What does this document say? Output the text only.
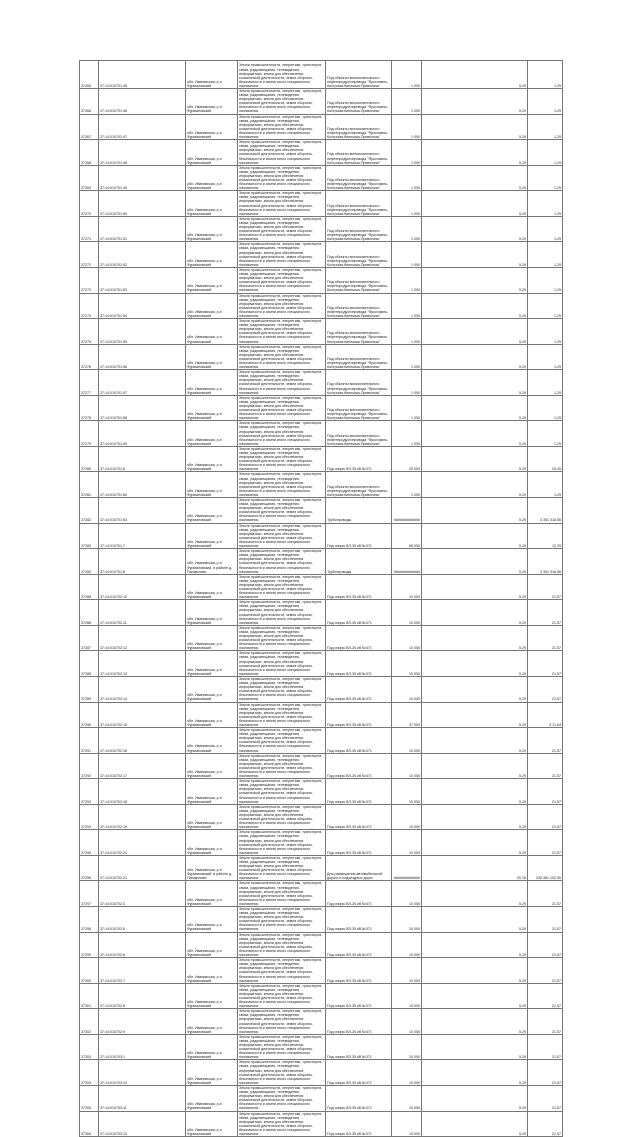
37265	37:14:010701:45	обл. Ивановская, р-н Фурмановский	Земли промышленности, энергетики, транспорта, связи, радиовещания, телевидения, информатики, земли для обеспечения космической деятельности, земли обороны, безопасности и земли иного специального назначения	Под объекты вспомогательного нефтепродуктопровода "Ярославль-Кострома-Кинешма-Приволжск"	1 000	5,29	1,29
37266	37:14:010701:46	обл. Ивановская, р-н Фурмановский	Земли промышленности, энергетики, транспорта, связи, радиовещания, телевидения, информатики, земли для обеспечения космической деятельности, земли обороны, безопасности и земли иного специального назначения	Под объекты вспомогательного нефтепродуктопровода "Ярославль-Кострома-Кинешма-Приволжск"	1 000	5,29	1,29
37267	37:14:010701:47	обл. Ивановская, р-н Фурмановский	Земли промышленности, энергетики, транспорта, связи, радиовещания, телевидения, информатики, земли для обеспечения космической деятельности, земли обороны, безопасности и земли иного специального назначения	Под объекты вспомогательного нефтепродуктопровода "Ярославль-Кострома-Кинешма-Приволжск"	1 000	5,29	1,29
37268	37:14:010701:48	обл. Ивановская, р-н Фурмановский	Земли промышленности, энергетики, транспорта, связи, радиовещания, телевидения, информатики, земли для обеспечения космической деятельности, земли обороны, безопасности и земли иного специального назначения	Под объекты вспомогательного нефтепродуктопровода "Ярославль-Кострома-Кинешма-Приволжск"	1 000	5,29	1,29
37269	37:14:010701:49	обл. Ивановская, р-н Фурмановский	Земли промышленности, энергетики, транспорта, связи, радиовещания, телевидения, информатики, земли для обеспечения космической деятельности, земли обороны, безопасности и земли иного специального назначения	Под объекты вспомогательного нефтепродуктопровода "Ярославль-Кострома-Кинешма-Приволжск"	1 000	5,29	1,29
37270	37:14:010701:50	обл. Ивановская, р-н Фурмановский	Земли промышленности, энергетики, транспорта, связи, радиовещания, телевидения, информатики, земли для обеспечения космической деятельности, земли обороны, безопасности и земли иного специального назначения	Под объекты вспомогательного нефтепродуктопровода "Ярославль-Кострома-Кинешма-Приволжск"	1 000	5,29	1,29
37271	37:14:010701:51	обл. Ивановская, р-н Фурмановский	Земли промышленности, энергетики, транспорта, связи, радиовещания, телевидения, информатики, земли для обеспечения космической деятельности, земли обороны, безопасности и земли иного специального назначения	Под объекты вспомогательного нефтепродуктопровода "Ярославль-Кострома-Кинешма-Приволжск"	1 000	5,29	1,29
37272	37:14:010701:52	обл. Ивановская, р-н Фурмановский	Земли промышленности, энергетики, транспорта, связи, радиовещания, телевидения, информатики, земли для обеспечения космической деятельности, земли обороны, безопасности и земли иного специального назначения	Под объекты вспомогательного нефтепродуктопровода "Ярославль-Кострома-Кинешма-Приволжск"	1 000	5,29	1,29
37273	37:14:010701:53	обл. Ивановская, р-н Фурмановский	Земли промышленности, энергетики, транспорта, связи, радиовещания, телевидения, информатики, земли для обеспечения космической деятельности, земли обороны, безопасности и земли иного специального назначения	Под объекты вспомогательного нефтепродуктопровода "Ярославль-Кострома-Кинешма-Приволжск"	1 000	5,29	1,29
37274	37:14:010701:54	обл. Ивановская, р-н Фурмановский	Земли промышленности, энергетики, транспорта, связи, радиовещания, телевидения, информатики, земли для обеспечения космической деятельности, земли обороны, безопасности и земли иного специального назначения	Под объекты вспомогательного нефтепродуктопровода "Ярославль-Кострома-Кинешма-Приволжск"	1 000	5,29	1,29
37275	37:14:010701:55	обл. Ивановская, р-н Фурмановский	Земли промышленности, энергетики, транспорта, связи, радиовещания, телевидения, информатики, земли для обеспечения космической деятельности, земли обороны, безопасности и земли иного специального назначения	Под объекты вспомогательного нефтепродуктопровода "Ярославль-Кострома-Кинешма-Приволжск"	1 000	5,29	1,29
37276	37:14:010701:56	обл. Ивановская, р-н Фурмановский	Земли промышленности, энергетики, транспорта, связи, радиовещания, телевидения, информатики, земли для обеспечения космической деятельности, земли обороны, безопасности и земли иного специального назначения	Под объекты вспомогательного нефтепродуктопровода "Ярославль-Кострома-Кинешма-Приволжск"	1 000	5,29	1,29
37277	37:14:010701:57	обл. Ивановская, р-н Фурмановский	Земли промышленности, энергетики, транспорта, связи, радиовещания, телевидения, информатики, земли для обеспечения космической деятельности, земли обороны, безопасности и земли иного специального назначения	Под объекты вспомогательного нефтепродуктопровода "Ярославль-Кострома-Кинешма-Приволжск"	1 000	5,29	1,29
37278	37:14:010701:58	обл. Ивановская, р-н Фурмановский	Земли промышленности, энергетики, транспорта, связи, радиовещания, телевидения, информатики, земли для обеспечения космической деятельности, земли обороны, безопасности и земли иного специального назначения	Под объекты вспомогательного нефтепродуктопровода "Ярославль-Кострома-Кинешма-Приволжск"	1 000	5,29	1,29
37279	37:14:010701:59	обл. Ивановская, р-н Фурмановский	Земли промышленности, энергетики, транспорта, связи, радиовещания, телевидения, информатики, земли для обеспечения космической деятельности, земли обороны, безопасности и земли иного специального назначения	Под объекты вспомогательного нефтепродуктопровода "Ярославль-Кострома-Кинешма-Приволжск"	1 000	5,29	1,29
37280	37:14:010701:6	обл. Ивановская, р-н Фурмановский	Земли промышленности, энергетики, транспорта, связи, радиовещания, телевидения, информатики, земли для обеспечения космической деятельности, земли обороны, безопасности и земли иного специального назначения	Под опоры ВЛ-35 кВ №371	25 000	5,29	25,35
37281	37:14:010701:60	обл. Ивановская, р-н Фурмановский	Земли промышленности, энергетики, транспорта, связи, радиовещания, телевидения, информатики, земли для обеспечения космической деятельности, земли обороны, безопасности и земли иного специального назначения	Под объекты вспомогательного нефтепродуктопровода "Ярославль-Кострома-Кинешма-Приволжск"	1 000	5,29	1,29
37282	37:14:010701:63	обл. Ивановская, р-н Фурмановский	Земли промышленности, энергетики, транспорта, связи, радиовещания, телевидения, информатики, земли для обеспечения космической деятельности, земли обороны, безопасности и земли иного специального назначения	Трубопроводы	#############	5,29	3 351 318,56
37283	37:14:010701:7	обл. Ивановская, р-н Фурмановский	Земли промышленности, энергетики, транспорта, связи, радиовещания, телевидения, информатики, земли для обеспечения космической деятельности, земли обороны, безопасности и земли иного специального назначения	Под опоры ВЛ-35 кВ №371	58 000	5,29	12,29
37284	37:14:010701:8	обл. Ивановская, р-н Фурмановский, в районе д. Панфилово	Земли промышленности, энергетики, транспорта, связи, радиовещания, телевидения, информатики, земли для обеспечения космической деятельности, земли обороны, безопасности и земли иного специального назначения	Трубопроводы	#############	5,29	3 351 318,56
37285	37:14:010702:10	обл. Ивановская, р-н Фурмановский	Земли промышленности, энергетики, транспорта, связи, радиовещания, телевидения, информатики, земли для обеспечения космической деятельности, земли обороны, безопасности и земли иного специального назначения	Под опоры ВЛ-35 кВ №371	10 000	5,29	21,57
37286	37:14:010702:11	обл. Ивановская, р-н Фурмановский	Земли промышленности, энергетики, транспорта, связи, радиовещания, телевидения, информатики, земли для обеспечения космической деятельности, земли обороны, безопасности и земли иного специального назначения	Под опоры ВЛ-35 кВ №371	10 000	5,29	21,57
37287	37:14:010702:12	обл. Ивановская, р-н Фурмановский	Земли промышленности, энергетики, транспорта, связи, радиовещания, телевидения, информатики, земли для обеспечения космической деятельности, земли обороны, безопасности и земли иного специального назначения	Под опоры ВЛ-35 кВ №371	10 000	5,29	21,57
37288	37:14:010702:13	обл. Ивановская, р-н Фурмановский	Земли промышленности, энергетики, транспорта, связи, радиовещания, телевидения, информатики, земли для обеспечения космической деятельности, земли обороны, безопасности и земли иного специального назначения	Под опоры ВЛ-35 кВ №371	10 000	5,29	21,57
37289	37:14:010702:14	обл. Ивановская, р-н Фурмановский	Земли промышленности, энергетики, транспорта, связи, радиовещания, телевидения, информатики, земли для обеспечения космической деятельности, земли обороны, безопасности и земли иного специального назначения	Под опоры ВЛ-35 кВ №371	10 000	5,29	21,57
37290	37:14:010702:15	обл. Ивановская, р-н Фурмановский	Земли промышленности, энергетики, транспорта, связи, радиовещания, телевидения, информатики, земли для обеспечения космической деятельности, земли обороны, безопасности и земли иного специального назначения	Под опоры ВЛ-35 кВ №371	37 000	5,29	3 11,64
37291	37:14:010702:16	обл. Ивановская, р-н Фурмановский	Земли промышленности, энергетики, транспорта, связи, радиовещания, телевидения, информатики, земли для обеспечения космической деятельности, земли обороны, безопасности и земли иного специального назначения	Под опоры ВЛ-35 кВ №371	10 000	5,29	21,57
37292	37:14:010702:17	обл. Ивановская, р-н Фурмановский	Земли промышленности, энергетики, транспорта, связи, радиовещания, телевидения, информатики, земли для обеспечения космической деятельности, земли обороны, безопасности и земли иного специального назначения	Под опоры ВЛ-35 кВ №371	10 000	5,29	21,57
37293	37:14:010702:18	обл. Ивановская, р-н Фурмановский	Земли промышленности, энергетики, транспорта, связи, радиовещания, телевидения, информатики, земли для обеспечения космической деятельности, земли обороны, безопасности и земли иного специального назначения	Под опоры ВЛ-35 кВ №371	10 000	5,29	21,57
37294	37:14:010702:19	обл. Ивановская, р-н Фурмановский	Земли промышленности, энергетики, транспорта, связи, радиовещания, телевидения, информатики, земли для обеспечения космической деятельности, земли обороны, безопасности и земли иного специального назначения	Под опоры ВЛ-35 кВ №371	10 000	5,29	21,57
37295	37:14:010702:20	обл. Ивановская, р-н Фурмановский	Земли промышленности, энергетики, транспорта, связи, радиовещания, телевидения, информатики, земли для обеспечения космической деятельности, земли обороны, безопасности и земли иного специального назначения	Под опоры ВЛ-35 кВ №371	10 000	5,29	21,57
37296	37:14:010702:21	обл. Ивановская, р-н Фурмановский, в районе д. Панфилово	Земли промышленности, энергетики, транспорта, связи, радиовещания, телевидения, информатики, земли для обеспечения космической деятельности, земли обороны, безопасности и земли иного специального назначения	Для размещения автомобильной дороги и подъездных дорог	#############	20,15	235 361 102,90
37297	37:14:010702:3	обл. Ивановская, р-н Фурмановский	Земли промышленности, энергетики, транспорта, связи, радиовещания, телевидения, информатики, земли для обеспечения космической деятельности, земли обороны, безопасности и земли иного специального назначения	Под опоры ВЛ-35 кВ №371	10 000	5,29	21,57
37298	37:14:010702:5	обл. Ивановская, р-н Фурмановский	Земли промышленности, энергетики, транспорта, связи, радиовещания, телевидения, информатики, земли для обеспечения космической деятельности, земли обороны, безопасности и земли иного специального назначения	Под опоры ВЛ-35 кВ №371	10 000	5,29	21,57
37299	37:14:010702:6	обл. Ивановская, р-н Фурмановский	Земли промышленности, энергетики, транспорта, связи, радиовещания, телевидения, информатики, земли для обеспечения космической деятельности, земли обороны, безопасности и земли иного специального назначения	Под опоры ВЛ-35 кВ №371	10 000	5,29	21,57
37300	37:14:010702:7	обл. Ивановская, р-н Фурмановский	Земли промышленности, энергетики, транспорта, связи, радиовещания, телевидения, информатики, земли для обеспечения космической деятельности, земли обороны, безопасности и земли иного специального назначения	Под опоры ВЛ-35 кВ №371	10 000	5,29	21,57
37301	37:14:010702:8	обл. Ивановская, р-н Фурмановский	Земли промышленности, энергетики, транспорта, связи, радиовещания, телевидения, информатики, земли для обеспечения космической деятельности, земли обороны, безопасности и земли иного специального назначения	Под опоры ВЛ-35 кВ №371	10 000	5,29	21,57
37302	37:14:010702:9	обл. Ивановская, р-н Фурмановский	Земли промышленности, энергетики, транспорта, связи, радиовещания, телевидения, информатики, земли для обеспечения космической деятельности, земли обороны, безопасности и земли иного специального назначения	Под опоры ВЛ-35 кВ №371	10 000	5,29	21,57
37303	37:14:010703:1	обл. Ивановская, р-н Фурмановский	Земли промышленности, энергетики, транспорта, связи, радиовещания, телевидения, информатики, земли для обеспечения космической деятельности, земли обороны, безопасности и земли иного специального назначения	Под опоры ВЛ-35 кВ №371	10 000	5,29	21,57
37304	37:14:010703:10	обл. Ивановская, р-н Фурмановский	Земли промышленности, энергетики, транспорта, связи, радиовещания, телевидения, информатики, земли для обеспечения космической деятельности, земли обороны, безопасности и земли иного специального назначения	Под опоры ВЛ-35 кВ №371	10 000	5,29	21,57
37305	37:14:010703:11	обл. Ивановская, р-н Фурмановский	Земли промышленности, энергетики, транспорта, связи, радиовещания, телевидения, информатики, земли для обеспечения космической деятельности, земли обороны, безопасности и земли иного специального назначения	Под опоры ВЛ-35 кВ №371	10 000	5,29	21,57
37306	37:14:010703:12	обл. Ивановская, р-н Фурмановский	Земли промышленности, энергетики, транспорта, связи, радиовещания, телевидения, информатики, земли для обеспечения космической деятельности, земли обороны, безопасности и земли иного специального назначения	Под опоры ВЛ-35 кВ №371	10 000	5,29	21,57
